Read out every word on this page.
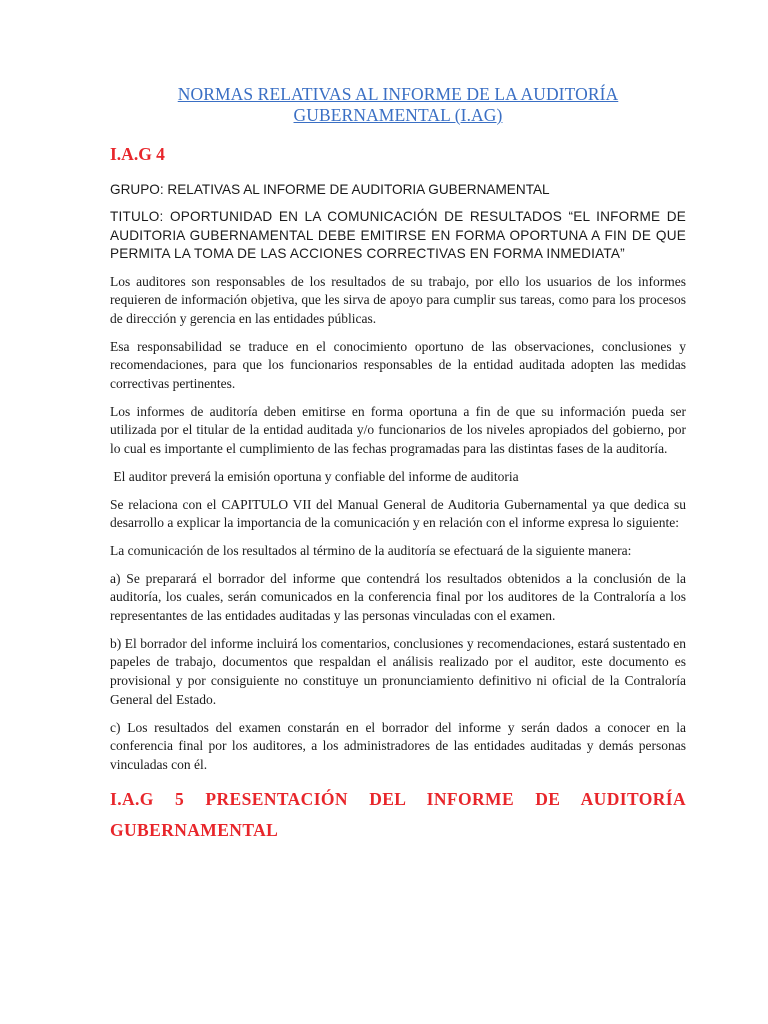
NORMAS RELATIVAS AL INFORME DE LA AUDITORÍA
GUBERNAMENTAL (I.AG)
I.A.G 4

GRUPO: RELATIVAS AL INFORME DE AUDITORIA GUBERNAMENTAL

TITULO: OPORTUNIDAD EN LA COMUNICACIÓN DE RESULTADOS “EL INFORME DE AUDITORIA GUBERNAMENTAL DEBE EMITIRSE EN FORMA OPORTUNA A FIN DE QUE PERMITA LA TOMA DE LAS ACCIONES CORRECTIVAS EN FORMA INMEDIATA”

Los auditores son responsables de los resultados de su trabajo, por ello los usuarios de los informes requieren de información objetiva, que les sirva de apoyo para cumplir sus tareas, como para los procesos de dirección y gerencia en las entidades públicas.

Esa responsabilidad se traduce en el conocimiento oportuno de las observaciones, conclusiones y recomendaciones, para que los funcionarios responsables de la entidad auditada adopten las medidas correctivas pertinentes.

Los informes de auditoría deben emitirse en forma oportuna a fin de que su información pueda ser utilizada por el titular de la entidad auditada y/o funcionarios de los niveles apropiados del gobierno, por lo cual es importante el cumplimiento de las fechas programadas para las distintas fases de la auditoría.

El auditor preverá la emisión oportuna y confiable del informe de auditoria

Se relaciona con el CAPITULO VII del Manual General de Auditoria Gubernamental ya que dedica su desarrollo a explicar la importancia de la comunicación y en relación con el informe expresa lo siguiente:

La comunicación de los resultados al término de la auditoría se efectuará de la siguiente manera:

a) Se preparará el borrador del informe que contendrá los resultados obtenidos a la conclusión de la auditoría, los cuales, serán comunicados en la conferencia final por los auditores de la Contraloría a los representantes de las entidades auditadas y las personas vinculadas con el examen.

b) El borrador del informe incluirá los comentarios, conclusiones y recomendaciones, estará sustentado en papeles de trabajo, documentos que respaldan el análisis realizado por el auditor, este documento es provisional y por consiguiente no constituye un pronunciamiento definitivo ni oficial de la Contraloría General del Estado.

c) Los resultados del examen constarán en el borrador del informe y serán dados a conocer en la conferencia final por los auditores, a los administradores de las entidades auditadas y demás personas vinculadas con él.

I.A.G 5 PRESENTACIÓN DEL INFORME DE AUDITORÍA GUBERNAMENTAL
